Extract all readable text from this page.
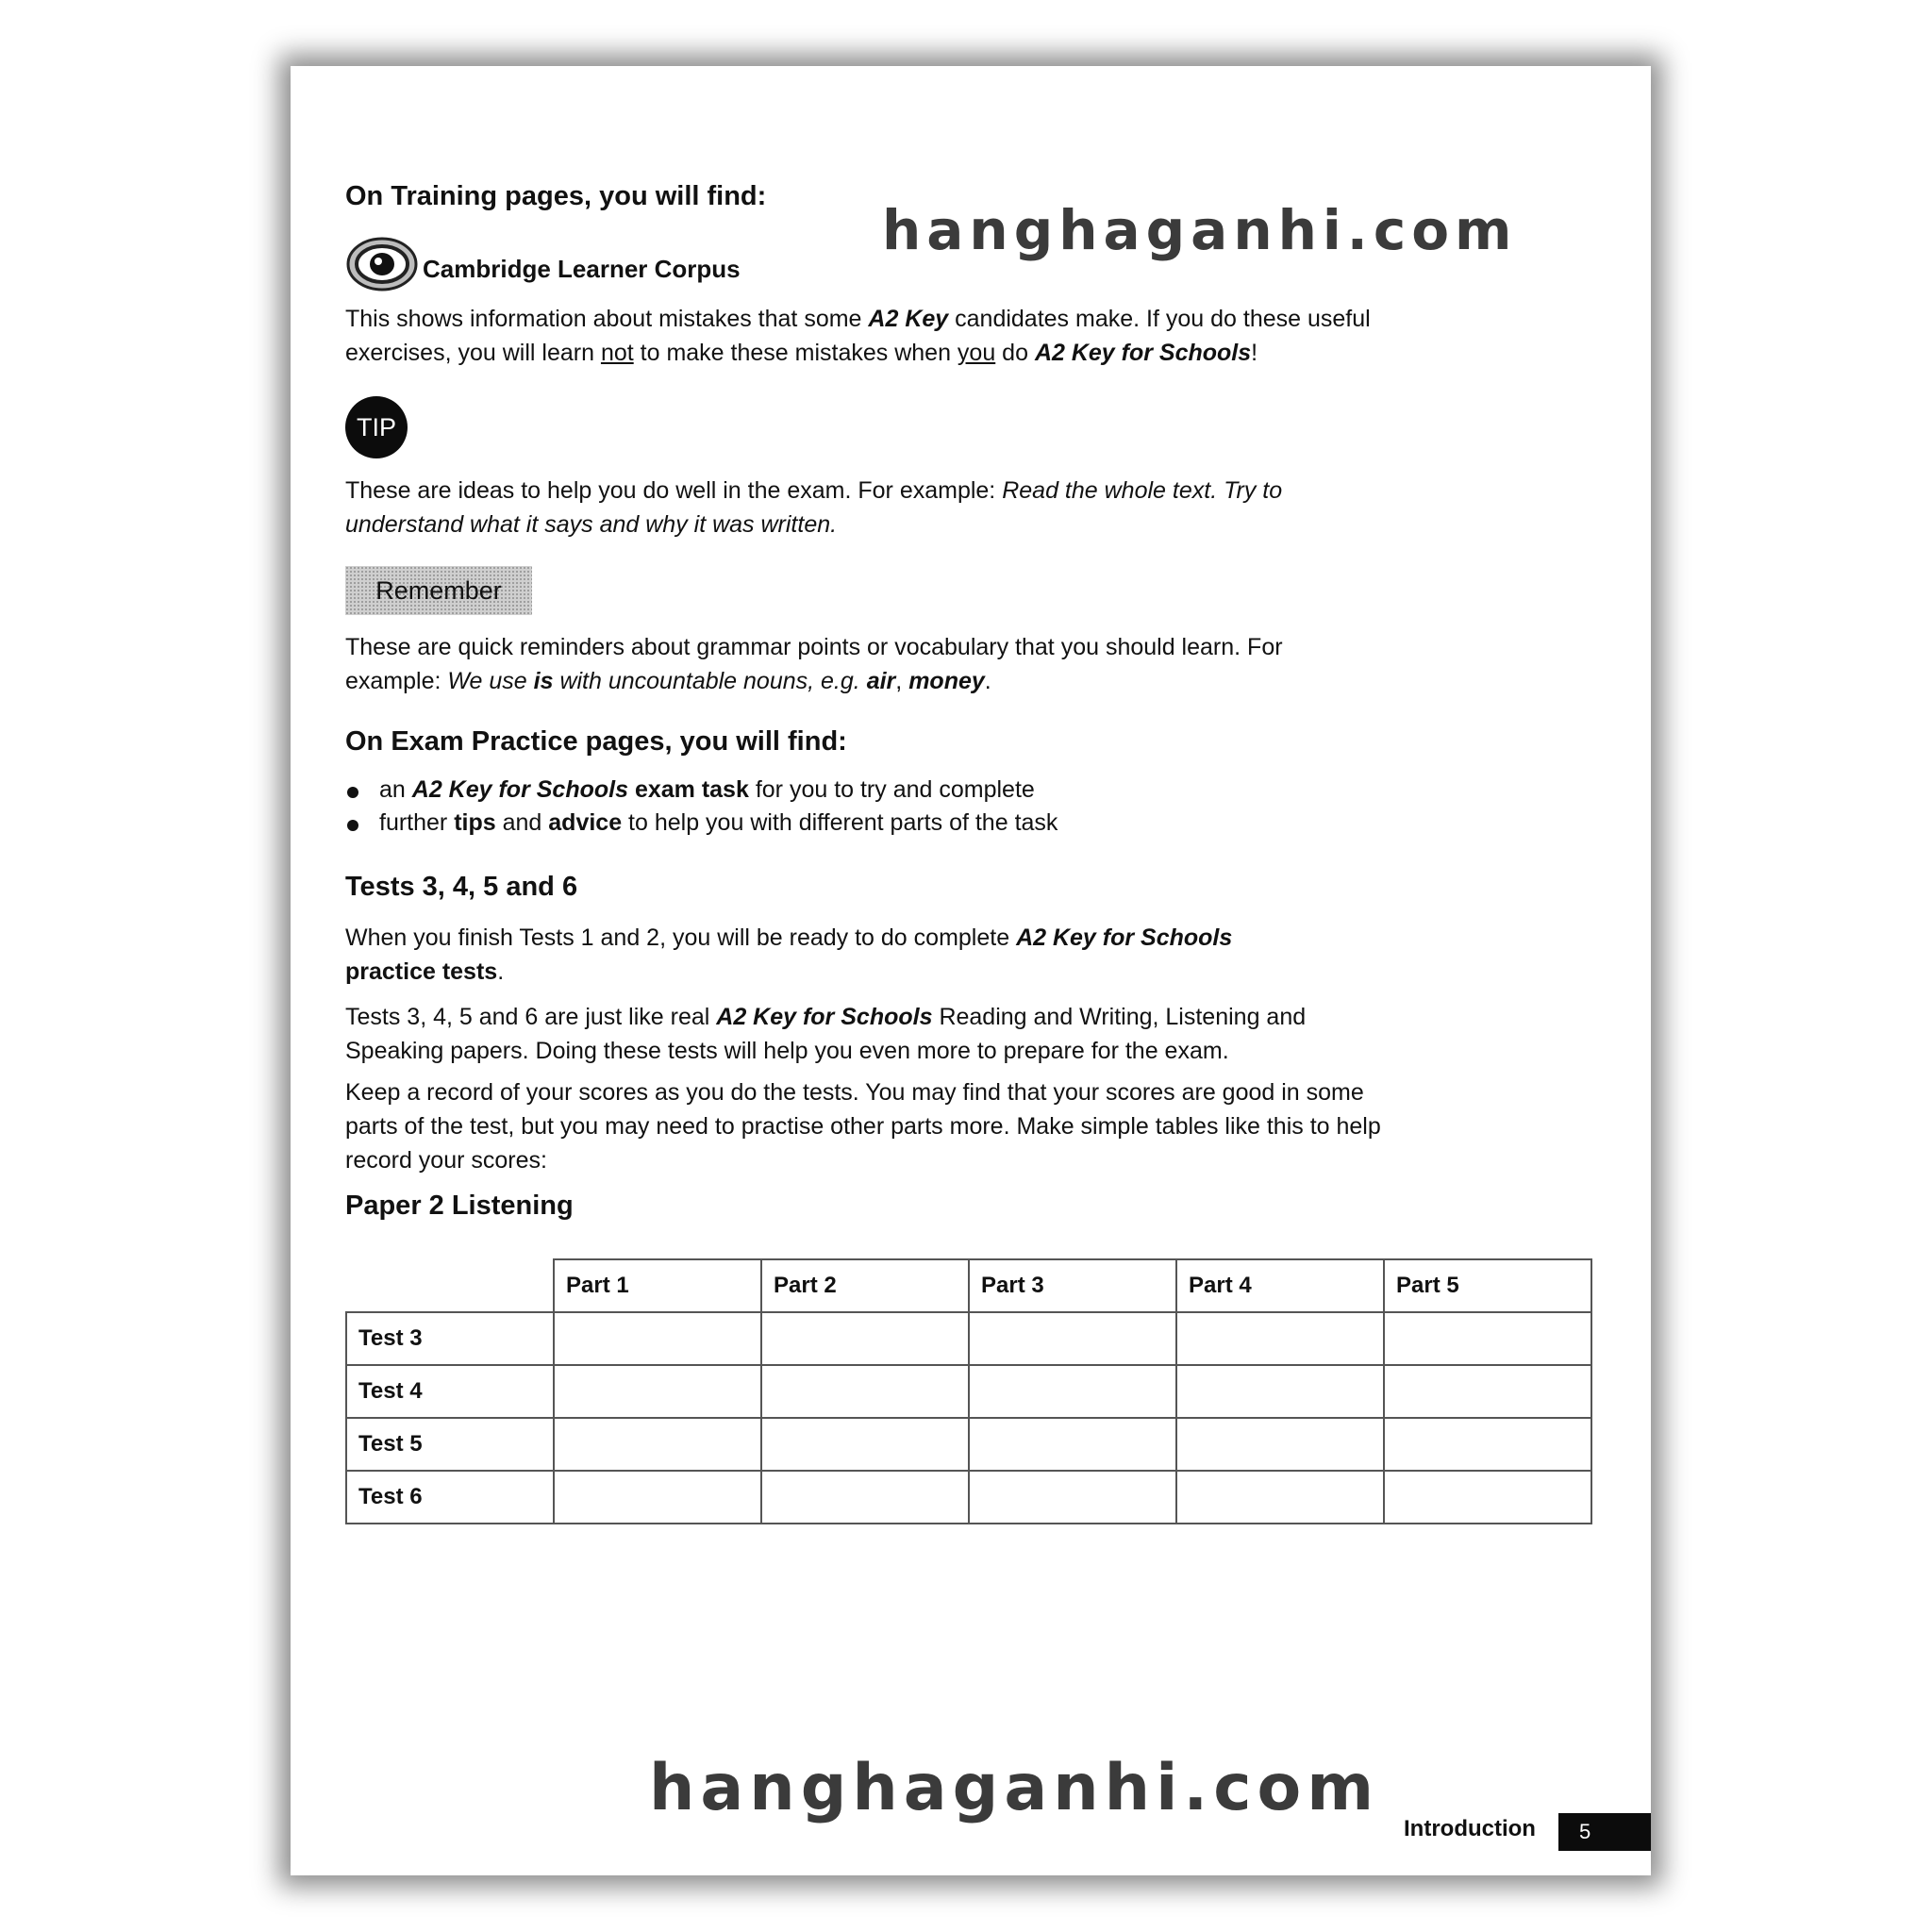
On Training pages, you will find:
Cambridge Learner Corpus

This shows information about mistakes that some A2 Key candidates make. If you do these useful exercises, you will learn not to make these mistakes when you do A2 Key for Schools!

TIP

These are ideas to help you do well in the exam. For example: Read the whole text. Try to understand what it says and why it was written.

Remember

These are quick reminders about grammar points or vocabulary that you should learn. For example: We use is with uncountable nouns, e.g. air, money.

On Exam Practice pages, you will find:
an A2 Key for Schools exam task for you to try and complete
further tips and advice to help you with different parts of the task
Tests 3, 4, 5 and 6

When you finish Tests 1 and 2, you will be ready to do complete A2 Key for Schools practice tests.

Tests 3, 4, 5 and 6 are just like real A2 Key for Schools Reading and Writing, Listening and Speaking papers. Doing these tests will help you even more to prepare for the exam.

Keep a record of your scores as you do the tests. You may find that your scores are good in some parts of the test, but you may need to practise other parts more. Make simple tables like this to help record your scores:

Paper 2 Listening
	Part 1	Part 2	Part 3	Part 4	Part 5
Test 3					
Test 4					
Test 5					
Test 6					
Introduction	5
hanghaganhi.com
hanghaganhi.com
